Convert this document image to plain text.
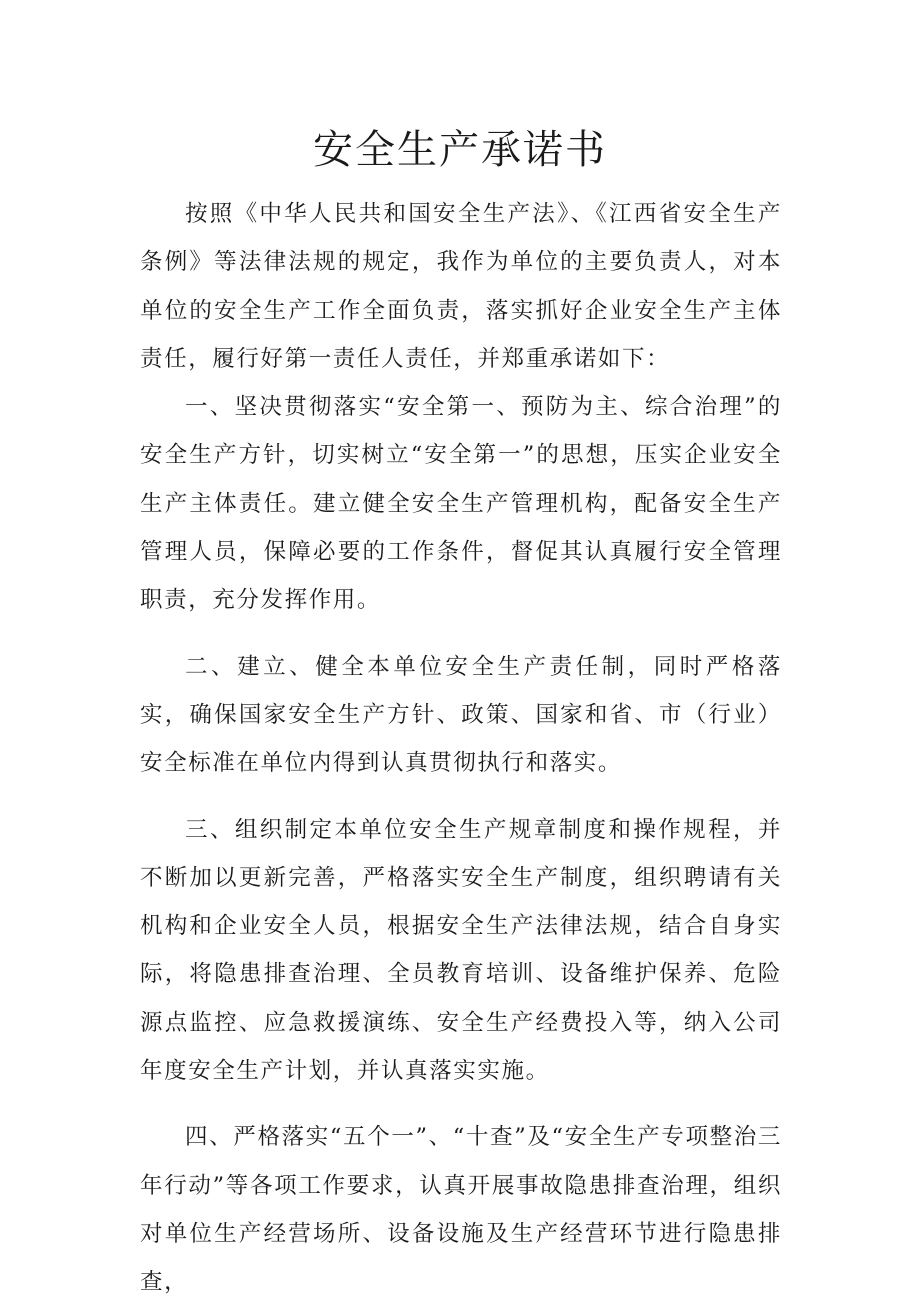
安全生产承诺书

按照《中华人民共和国安全生产法》、《江西省安全生产条例》等法律法规的规定，我作为单位的主要负责人，对本单位的安全生产工作全面负责，落实抓好企业安全生产主体责任，履行好第一责任人责任，并郑重承诺如下：

一、坚决贯彻落实“安全第一、预防为主、综合治理”的安全生产方针，切实树立“安全第一”的思想，压实企业安全生产主体责任。建立健全安全生产管理机构，配备安全生产管理人员，保障必要的工作条件，督促其认真履行安全管理职责，充分发挥作用。

二、建立、健全本单位安全生产责任制，同时严格落实，确保国家安全生产方针、政策、国家和省、市（行业）安全标准在单位内得到认真贯彻执行和落实。

三、组织制定本单位安全生产规章制度和操作规程，并不断加以更新完善，严格落实安全生产制度，组织聘请有关机构和企业安全人员，根据安全生产法律法规，结合自身实际，将隐患排查治理、全员教育培训、设备维护保养、危险源点监控、应急救援演练、安全生产经费投入等，纳入公司年度安全生产计划，并认真落实实施。

四、严格落实“五个一”、“十查”及“安全生产专项整治三年行动”等各项工作要求，认真开展事故隐患排查治理，组织对单位生产经营场所、设备设施及生产经营环节进行隐患排查，
